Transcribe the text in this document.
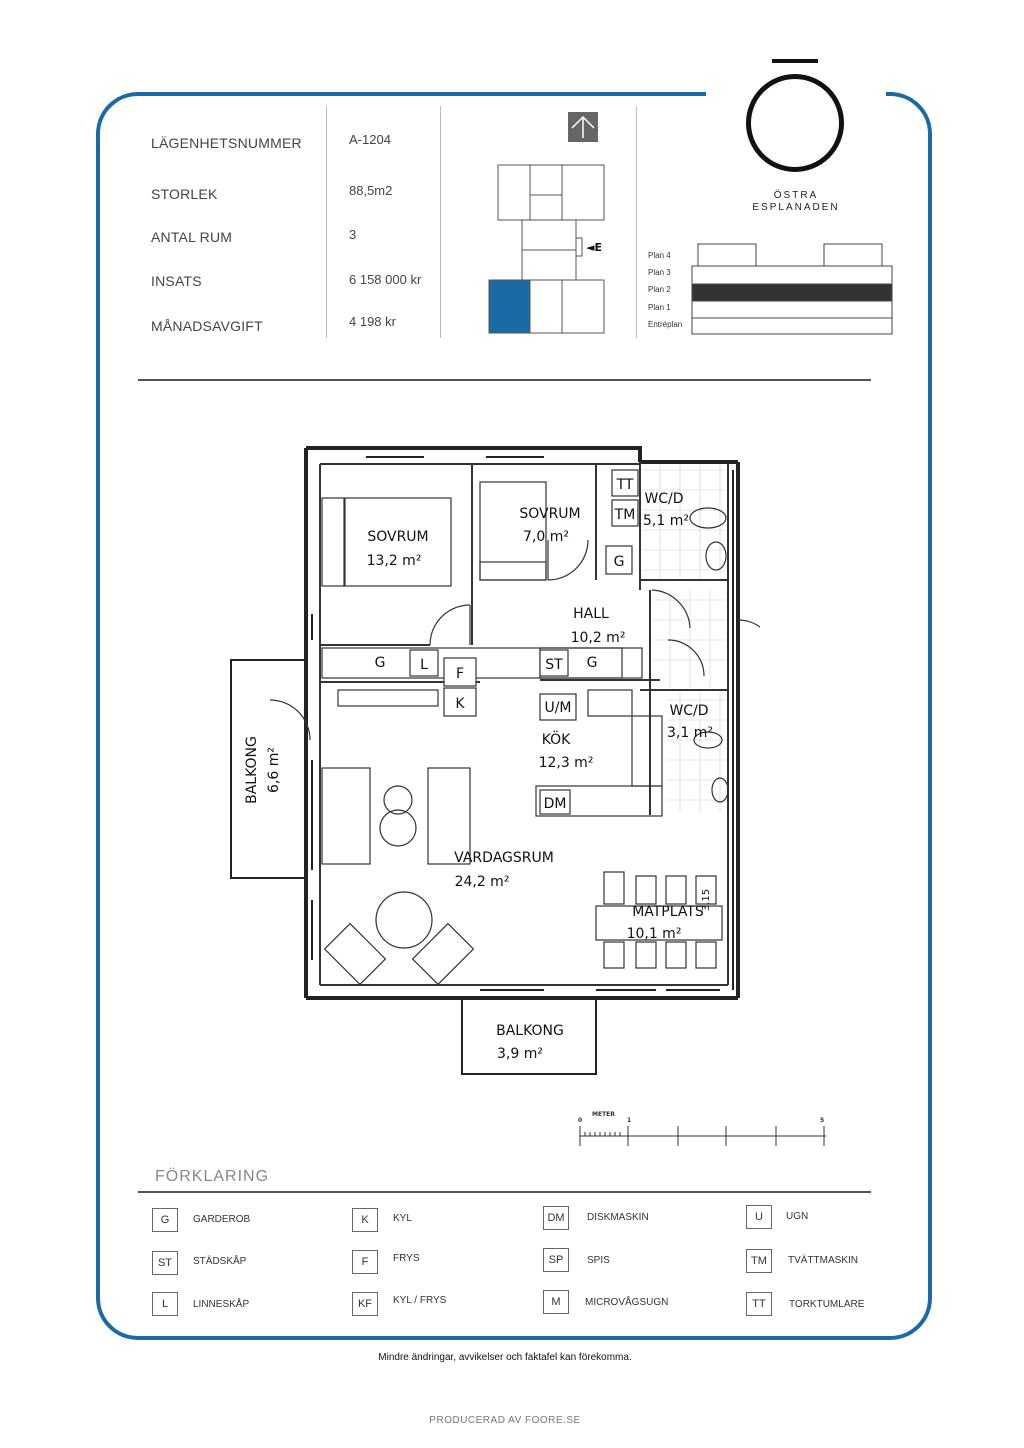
ÖSTRA
ESPLANADEN
LÄGENHETSNUMMER	A-1204
STORLEK	88,5m2
ANTAL RUM	3
INSATS	6 158 000 kr
MÅNADSAVGIFT	4 198 kr
◄E
Plan 4
Plan 3
Plan 2
Plan 1
Entréplan
TT
TM
G
G L
F
K
ST G
U/M
DM
SOVRUM
13,2 m²
SOVRUM
7,0 m²
WC/D
5,1 m²
HALL
10,2 m²
WC/D
3,1 m²
KÖK
12,3 m²
VARDAGSRUM
24,2 m²
MATPLATS
10,1 m²
BALKONG
3,9 m²
3.15
BALKONG 6,6 m²
METER
0	1	5
FÖRKLARING
G	GARDEROB	K	KYL	DM	DISKMASKIN	U	UGN
ST	STÄDSKÅP	F	FRYS	SP	SPIS	TM	TVÄTTMASKIN
L	LINNESKÅP	KF	KYL / FRYS	M	MICROVÅGSUGN	TT	TORKTUMLARE
Mindre ändringar, avvikelser och faktafel kan förekomma.
PRODUCERAD AV FOORE.SE
